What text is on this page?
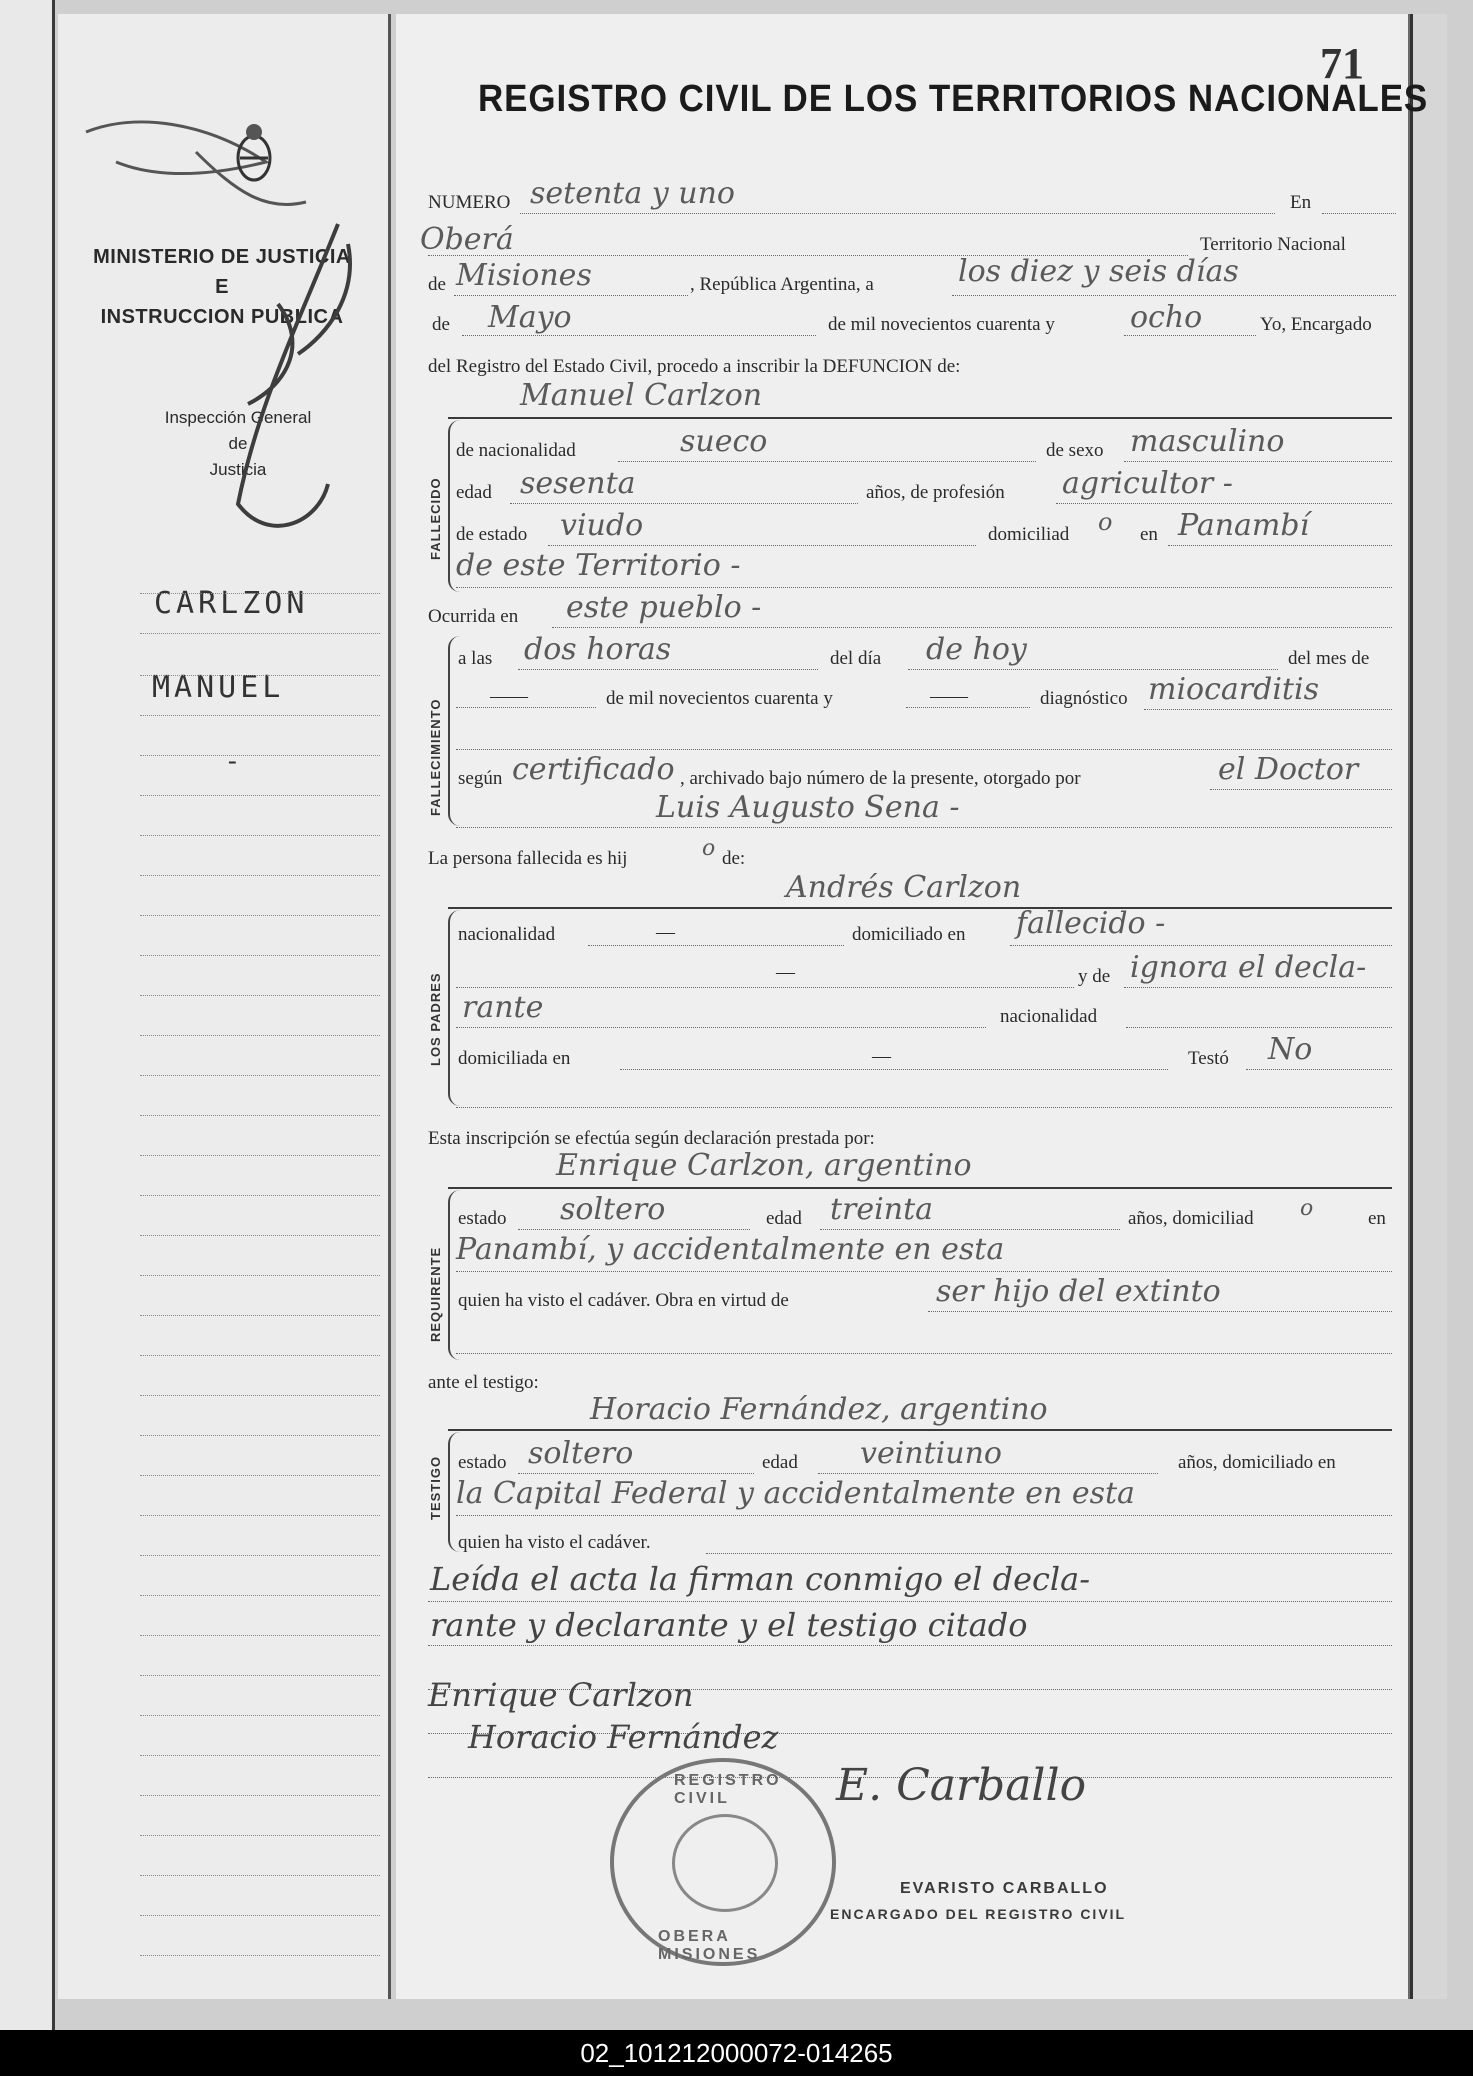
MINISTERIO DE JUSTICIA
E
INSTRUCCION PUBLICA
Inspección General
de
Justicia
CARLZON
MANUEL
-
71
REGISTRO CIVIL DE LOS TERRITORIOS NACIONALES
NUMERO setenta y uno	En
Oberá	Territorio Nacional
de Misiones	, República Argentina, a	los diez y seis días
de Mayo	de mil novecientos cuarenta y	ocho	Yo, Encargado
del Registro del Estado Civil, procedo a inscribir la DEFUNCION de:
Manuel Carlzon
FALLECIDO
de nacionalidad	sueco	de sexo masculino
edad sesenta	años, de profesión agricultor -
de estado viudo	domiciliad o en Panambí
de este Territorio -
Ocurrida en este pueblo -
FALLECIMIENTO
a las dos horas	del día de hoy	del mes de
——	de mil novecientos cuarenta y	——	diagnóstico miocarditis
según certificado , archivado bajo número de la presente, otorgado por	el Doctor
Luis Augusto Sena -
La persona fallecida es hij	o de:
Andrés Carlzon
LOS PADRES
nacionalidad	—	domiciliado en fallecido -
—	y de ignora el decla-
rante	nacionalidad
domiciliada en	—	Testó No
Esta inscripción se efectúa según declaración prestada por:
Enrique Carlzon, argentino
REQUIRENTE
estado soltero	edad treinta	años, domiciliad o	en
Panambí, y accidentalmente en esta
quien ha visto el cadáver. Obra en virtud de	ser hijo del extinto
ante el testigo:
Horacio Fernández, argentino
TESTIGO estado soltero	edad veintiuno	años, domiciliado en
la Capital Federal y accidentalmente en esta
quien ha visto el cadáver.
Leída el acta la firman conmigo el decla-
rante y declarante y el testigo citado
Enrique Carlzon
Horacio Fernández
REGISTRO CIVIL
OBERA MISIONES
E. Carballo
EVARISTO CARBALLO
ENCARGADO DEL REGISTRO CIVIL
02_101212000072-014265
